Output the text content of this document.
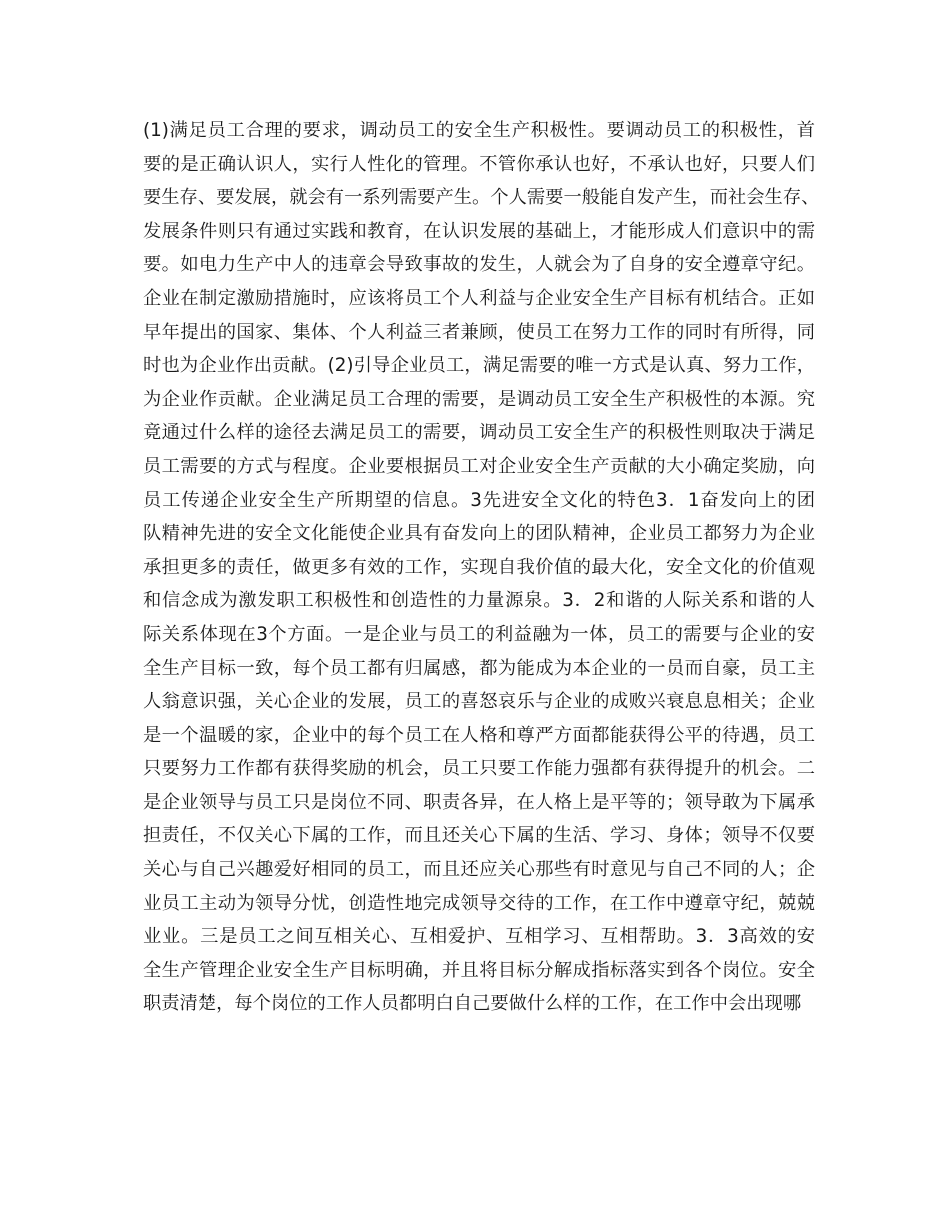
(1)满足员工合理的要求，调动员工的安全生产积极性。要调动员工的积极性，首
要的是正确认识人，实行人性化的管理。不管你承认也好，不承认也好，只要人们
要生存、要发展，就会有一系列需要产生。个人需要一般能自发产生，而社会生存、
发展条件则只有通过实践和教育，在认识发展的基础上，才能形成人们意识中的需
要。如电力生产中人的违章会导致事故的发生，人就会为了自身的安全遵章守纪。
企业在制定激励措施时，应该将员工个人利益与企业安全生产目标有机结合。正如
早年提出的国家、集体、个人利益三者兼顾，使员工在努力工作的同时有所得，同
时也为企业作出贡献。(2)引导企业员工，满足需要的唯一方式是认真、努力工作，
为企业作贡献。企业满足员工合理的需要，是调动员工安全生产积极性的本源。究
竟通过什么样的途径去满足员工的需要，调动员工安全生产的积极性则取决于满足
员工需要的方式与程度。企业要根据员工对企业安全生产贡献的大小确定奖励，向
员工传递企业安全生产所期望的信息。3先进安全文化的特色3．1奋发向上的团
队精神先进的安全文化能使企业具有奋发向上的团队精神，企业员工都努力为企业
承担更多的责任，做更多有效的工作，实现自我价值的最大化，安全文化的价值观
和信念成为激发职工积极性和创造性的力量源泉。3．2和谐的人际关系和谐的人
际关系体现在3个方面。一是企业与员工的利益融为一体，员工的需要与企业的安
全生产目标一致，每个员工都有归属感，都为能成为本企业的一员而自豪，员工主
人翁意识强，关心企业的发展，员工的喜怒哀乐与企业的成败兴衰息息相关；企业
是一个温暖的家，企业中的每个员工在人格和尊严方面都能获得公平的待遇，员工
只要努力工作都有获得奖励的机会，员工只要工作能力强都有获得提升的机会。二
是企业领导与员工只是岗位不同、职责各异，在人格上是平等的；领导敢为下属承
担责任，不仅关心下属的工作，而且还关心下属的生活、学习、身体；领导不仅要
关心与自己兴趣爱好相同的员工，而且还应关心那些有时意见与自己不同的人；企
业员工主动为领导分忧，创造性地完成领导交待的工作，在工作中遵章守纪，兢兢
业业。三是员工之间互相关心、互相爱护、互相学习、互相帮助。3．3高效的安
全生产管理企业安全生产目标明确，并且将目标分解成指标落实到各个岗位。安全
职责清楚，每个岗位的工作人员都明白自己要做什么样的工作，在工作中会出现哪
